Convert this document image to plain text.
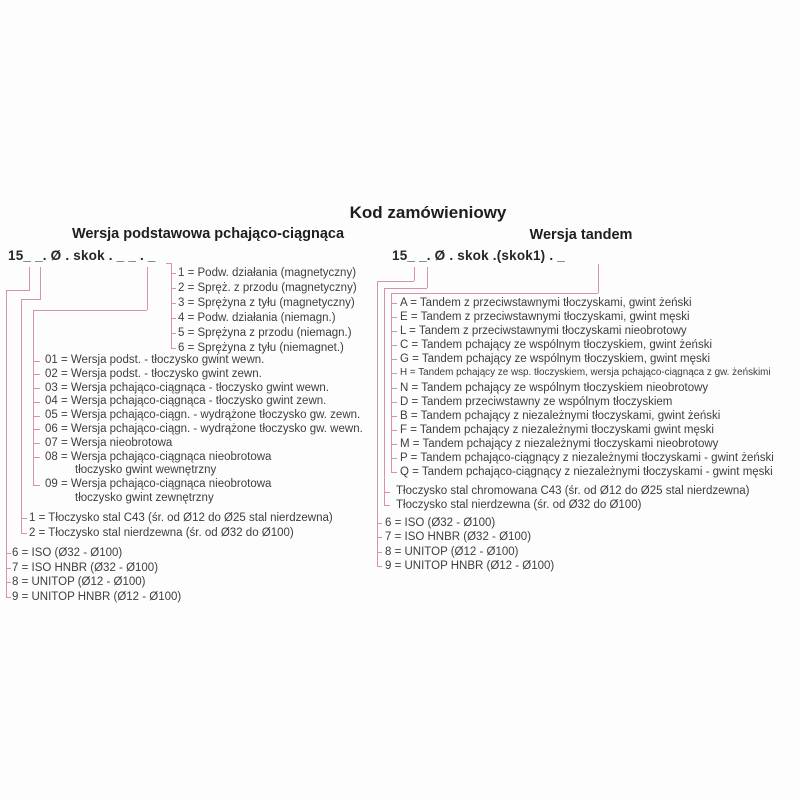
Kod zamówieniowy
Wersja podstawowa pchająco-ciągnąca	Wersja tandem
15_ _. Ø . skok . _ _ . _	15_ _. Ø . skok .(skok1) . _
1 = Podw. działania (magnetyczny)
2 = Spręż. z przodu (magnetyczny)
3 = Sprężyna z tyłu (magnetyczny)
4 = Podw. działania (niemagn.)
5 = Sprężyna z przodu (niemagn.)
6 = Sprężyna z tyłu (niemagnet.)
01 = Wersja podst. - tłoczysko gwint wewn.
02 = Wersja podst. - tłoczysko gwint zewn.
03 = Wersja pchająco-ciągnąca - tłoczysko gwint wewn.
04 = Wersja pchająco-ciągnąca - tłoczysko gwint zewn.
05 = Wersja pchająco-ciągn. - wydrążone tłoczysko gw. zewn.
06 = Wersja pchająco-ciągn. - wydrążone tłoczysko gw. wewn.
07 = Wersja nieobrotowa
08 = Wersja pchająco-ciągnąca nieobrotowa
tłoczysko gwint wewnętrzny
09 = Wersja pchająco-ciągnąca nieobrotowa
tłoczysko gwint zewnętrzny
1 = Tłoczysko stal C43 (śr. od Ø12 do Ø25 stal nierdzewna)
2 = Tłoczysko stal nierdzewna (śr. od Ø32 do Ø100)
6 = ISO (Ø32 - Ø100)
7 = ISO HNBR (Ø32 - Ø100)
8 = UNITOP (Ø12 - Ø100)
9 = UNITOP HNBR (Ø12 - Ø100)
A = Tandem z przeciwstawnymi tłoczyskami, gwint żeński
E = Tandem z przeciwstawnymi tłoczyskami, gwint męski
L = Tandem z przeciwstawnymi tłoczyskami nieobrotowy
C = Tandem pchający ze wspólnym tłoczyskiem, gwint żeński
G = Tandem pchający ze wspólnym tłoczyskiem, gwint męski
H = Tandem pchający ze wsp. tłoczyskiem, wersja pchająco-ciągnąca z gw. żeńskimi
N = Tandem pchający ze wspólnym tłoczyskiem nieobrotowy
D = Tandem przeciwstawny ze wspólnym tłoczyskiem
B = Tandem pchający z niezależnymi tłoczyskami, gwint żeński
F = Tandem pchający z niezależnymi tłoczyskami gwint męski
M = Tandem pchający z niezależnymi tłoczyskami nieobrotowy
P = Tandem pchająco-ciągnący z niezależnymi tłoczyskami - gwint żeński
Q = Tandem pchająco-ciągnący z niezależnymi tłoczyskami - gwint męski
Tłoczysko stal chromowana C43 (śr. od Ø12 do Ø25 stal nierdzewna)
Tłoczysko stal nierdzewna (śr. od Ø32 do Ø100)
6 = ISO (Ø32 - Ø100)
7 = ISO HNBR (Ø32 - Ø100)
8 = UNITOP (Ø12 - Ø100)
9 = UNITOP HNBR (Ø12 - Ø100)
